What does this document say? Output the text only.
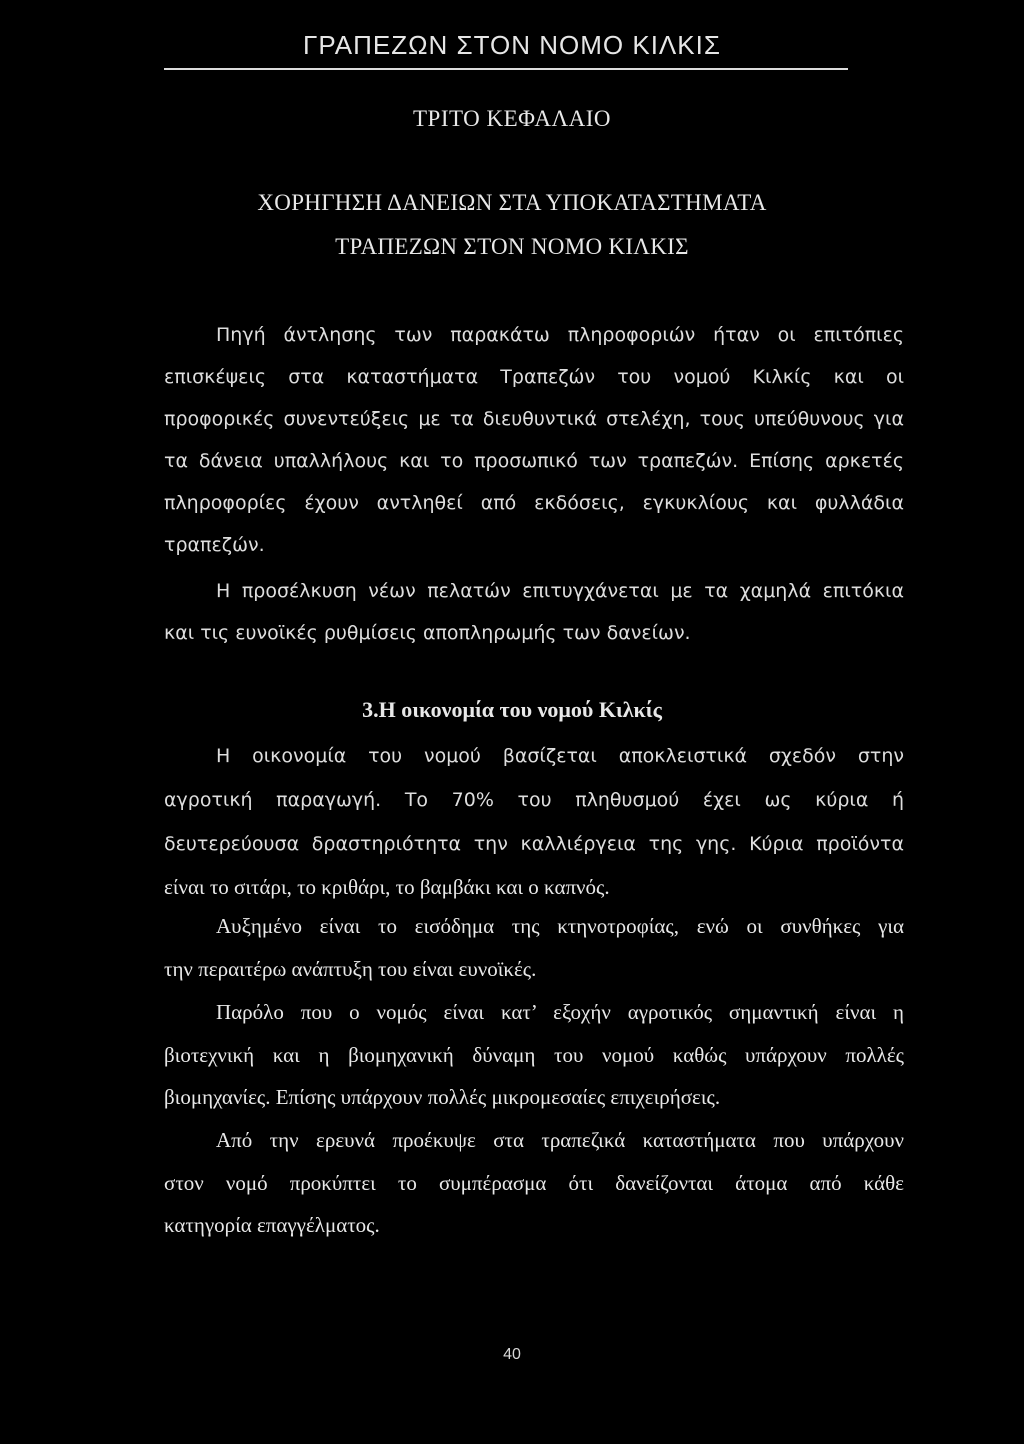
ΓΡΑΠΕΖΩΝ ΣΤΟΝ ΝΟΜΟ ΚΙΛΚΙΣ
ΤΡΙΤΟ ΚΕΦΑΛΑΙΟ
ΧΟΡΗΓΗΣΗ ΔΑΝΕΙΩΝ ΣΤΑ ΥΠΟΚΑΤΑΣΤΗΜΑΤΑ
ΤΡΑΠΕΖΩΝ ΣΤΟΝ ΝΟΜΟ ΚΙΛΚΙΣ
Πηγή άντλησης των παρακάτω πληροφοριών ήταν οι επιτόπιες
επισκέψεις στα καταστήματα Τραπεζών του νομού Κιλκίς και οι
προφορικές συνεντεύξεις με τα διευθυντικά στελέχη, τους υπεύθυνους για
τα δάνεια υπαλλήλους και το προσωπικό των τραπεζών. Επίσης αρκετές
πληροφορίες έχουν αντληθεί από εκδόσεις, εγκυκλίους και φυλλάδια
τραπεζών.
Η προσέλκυση νέων πελατών επιτυγχάνεται με τα χαμηλά επιτόκια
και τις ευνοϊκές ρυθμίσεις αποπληρωμής των δανείων.
3.Η οικονομία του νομού Κιλκίς
Η οικονομία του νομού βασίζεται αποκλειστικά σχεδόν στην
αγροτική παραγωγή. Το 70% του πληθυσμού έχει ως κύρια ή
δευτερεύουσα δραστηριότητα την καλλιέργεια της γης. Κύρια προϊόντα
είναι το σιτάρι, το κριθάρι, το βαμβάκι και ο καπνός.
Αυξημένο είναι το εισόδημα της κτηνοτροφίας, ενώ οι συνθήκες για
την περαιτέρω ανάπτυξη του είναι ευνοϊκές.
Παρόλο που ο νομός είναι κατ’ εξοχήν αγροτικός σημαντική είναι η
βιοτεχνική και η βιομηχανική δύναμη του νομού καθώς υπάρχουν πολλές
βιομηχανίες. Επίσης υπάρχουν πολλές μικρομεσαίες επιχειρήσεις.
Από την ερευνά προέκυψε στα τραπεζικά καταστήματα που υπάρχουν
στον νομό προκύπτει το συμπέρασμα ότι δανείζονται άτομα από κάθε
κατηγορία επαγγέλματος.
40
